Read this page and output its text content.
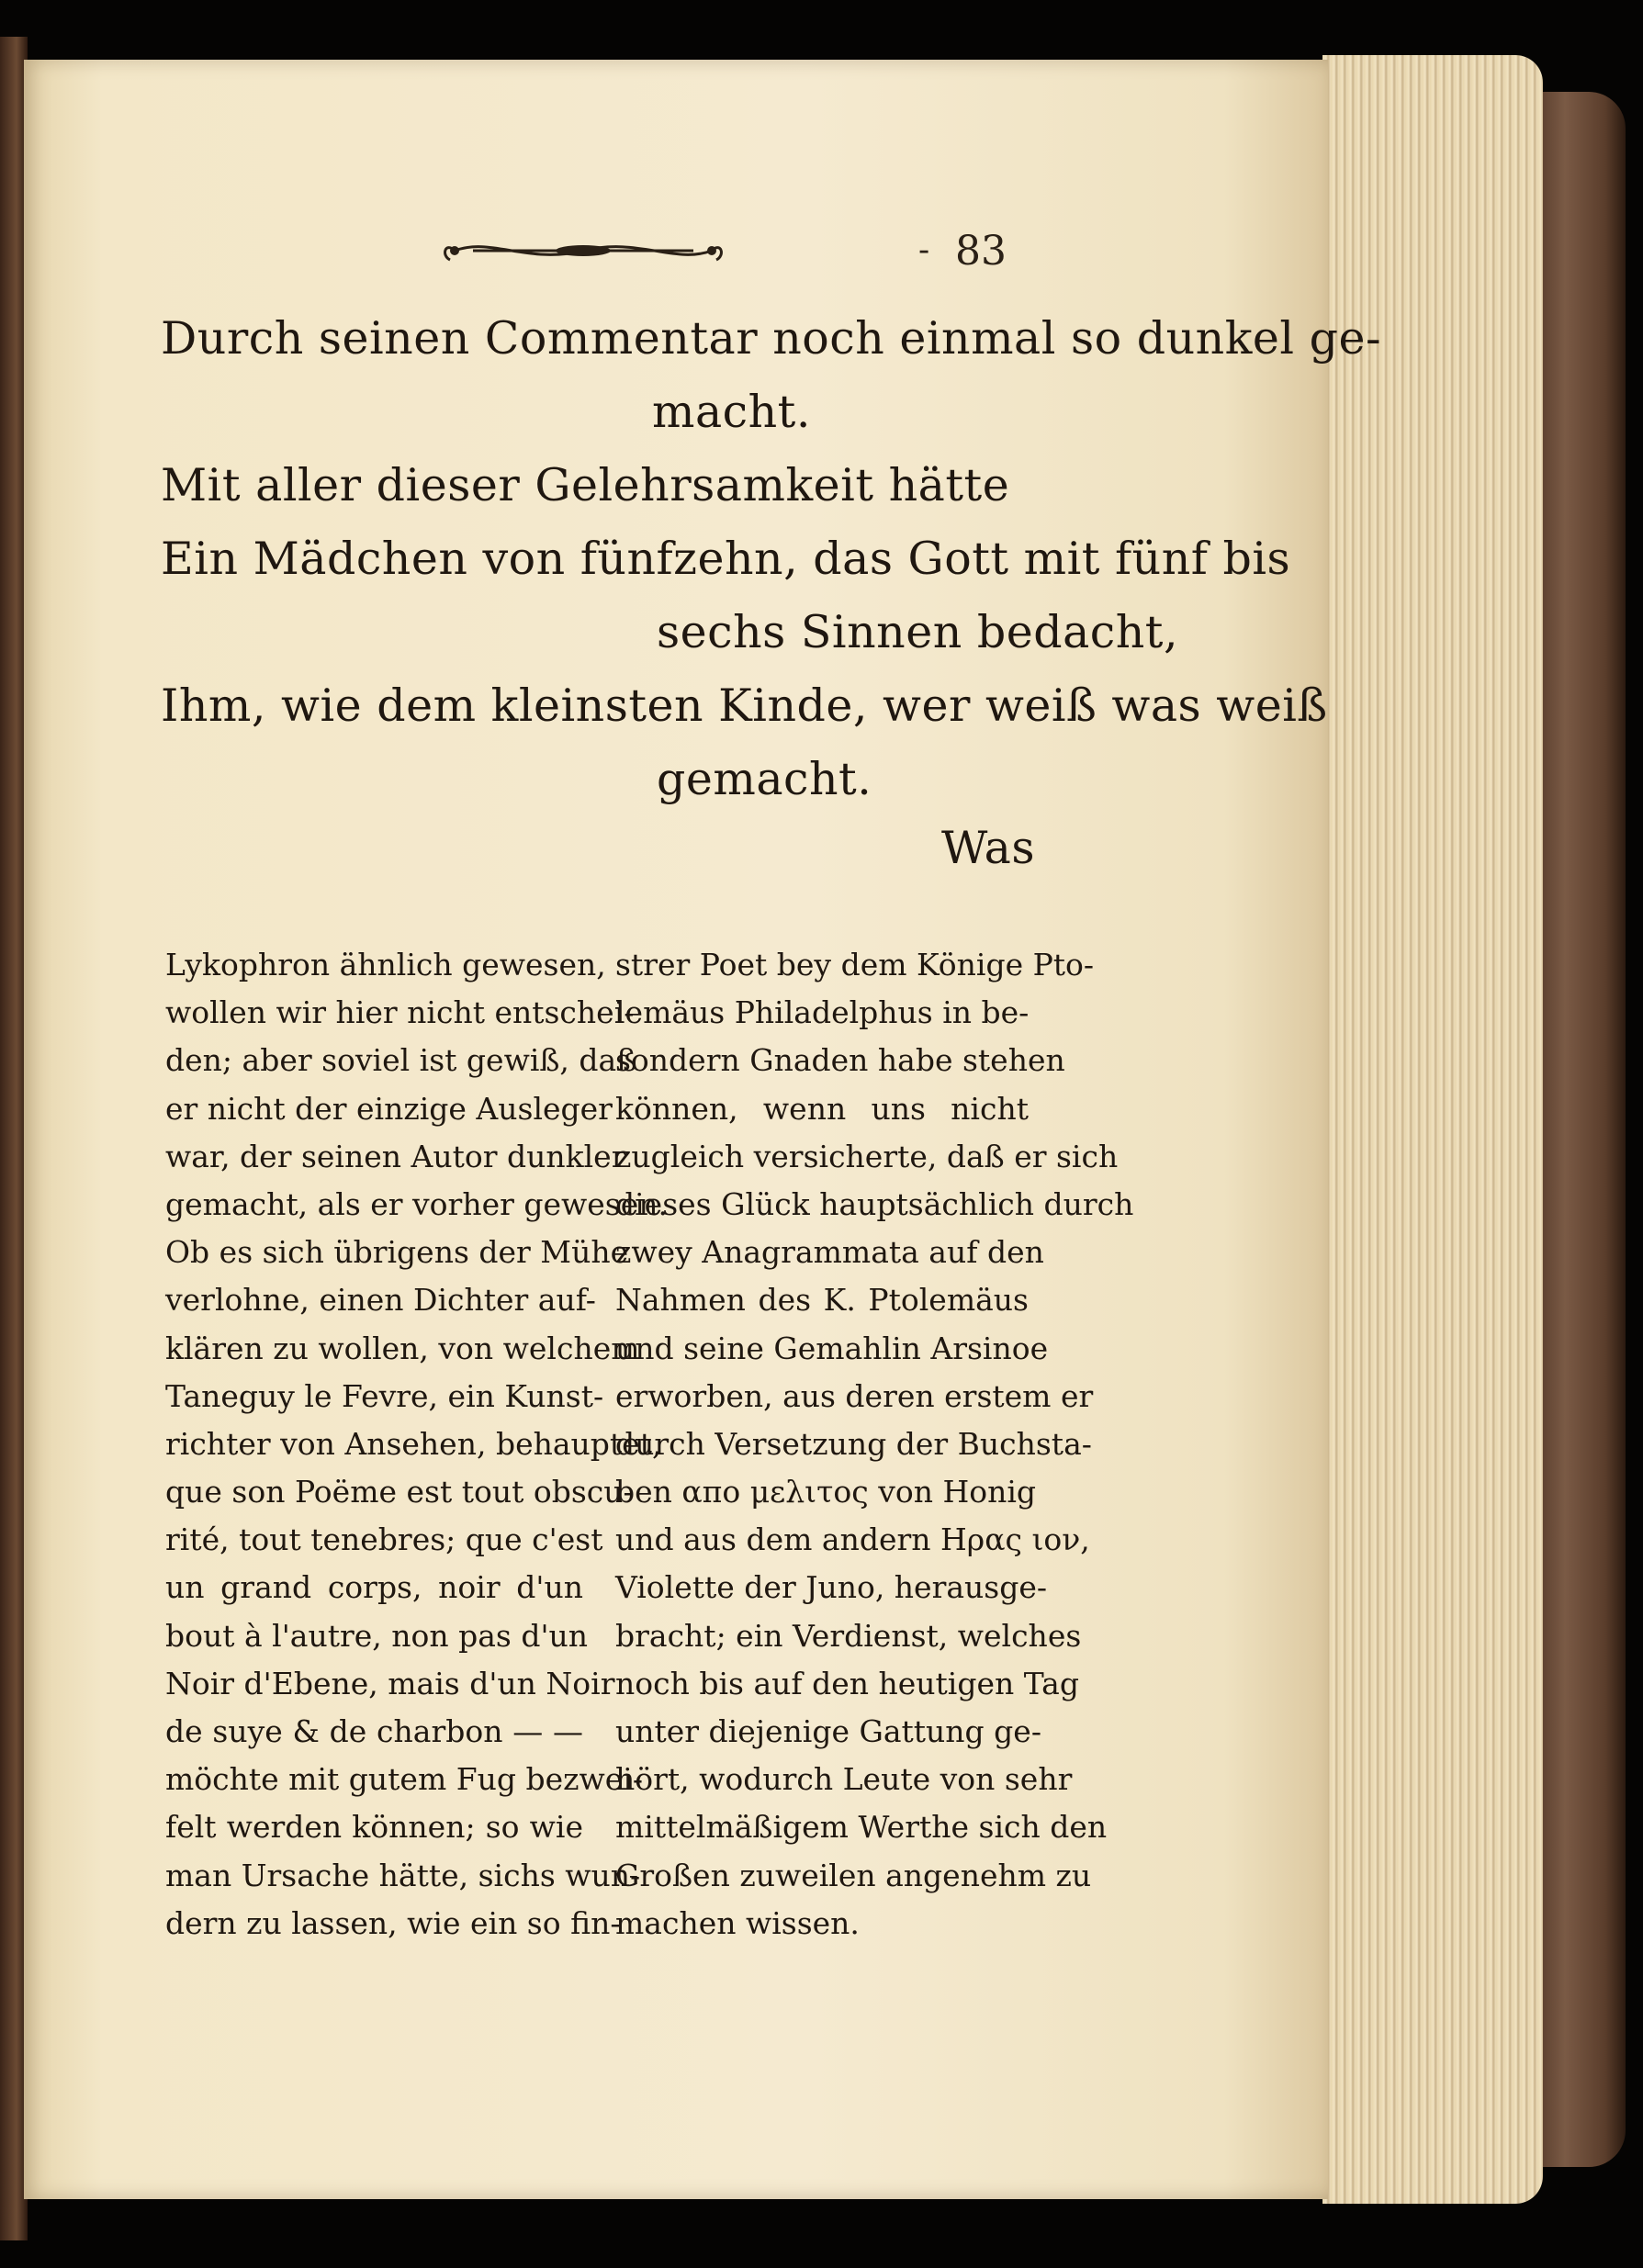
- 83
Durch seinen Commentar noch einmal so dunkel ge-
macht.
Mit aller dieser Gelehrsamkeit hätte
Ein Mädchen von fünfzehn, das Gott mit fünf bis
sechs Sinnen bedacht,
Ihm, wie dem kleinsten Kinde, wer weiß was weiß
gemacht.
Was
Lykophron ähnlich gewesen,
wollen wir hier nicht entschei-
den; aber soviel ist gewiß, daß
er nicht der einzige Ausleger
war, der seinen Autor dunkler
gemacht, als er vorher gewesen.
Ob es sich übrigens der Mühe
verlohne, einen Dichter auf-
klären zu wollen, von welchem
Taneguy le Fevre, ein Kunst-
richter von Ansehen, behauptet,
que son Poëme est tout obscu-
rité, tout tenebres; que c'est
un grand corps, noir d'un
bout à l'autre, non pas d'un
Noir d'Ebene, mais d'un Noir
de suye & de charbon — —
möchte mit gutem Fug bezwei-
felt werden können; so wie
man Ursache hätte, sichs wun-
dern zu lassen, wie ein so fin-
strer Poet bey dem Könige Pto-
lemäus Philadelphus in be-
sondern Gnaden habe stehen
können, wenn uns nicht
zugleich versicherte, daß er sich
dieses Glück hauptsächlich durch
zwey Anagrammata auf den
Nahmen des K. Ptolemäus
und seine Gemahlin Arsinoe
erworben, aus deren erstem er
durch Versetzung der Buchsta-
ben απο μελιτος von Honig
und aus dem andern Ηρας ιον,
Violette der Juno, herausge-
bracht; ein Verdienst, welches
noch bis auf den heutigen Tag
unter diejenige Gattung ge-
hört, wodurch Leute von sehr
mittelmäßigem Werthe sich den
Großen zuweilen angenehm zu
machen wissen.
